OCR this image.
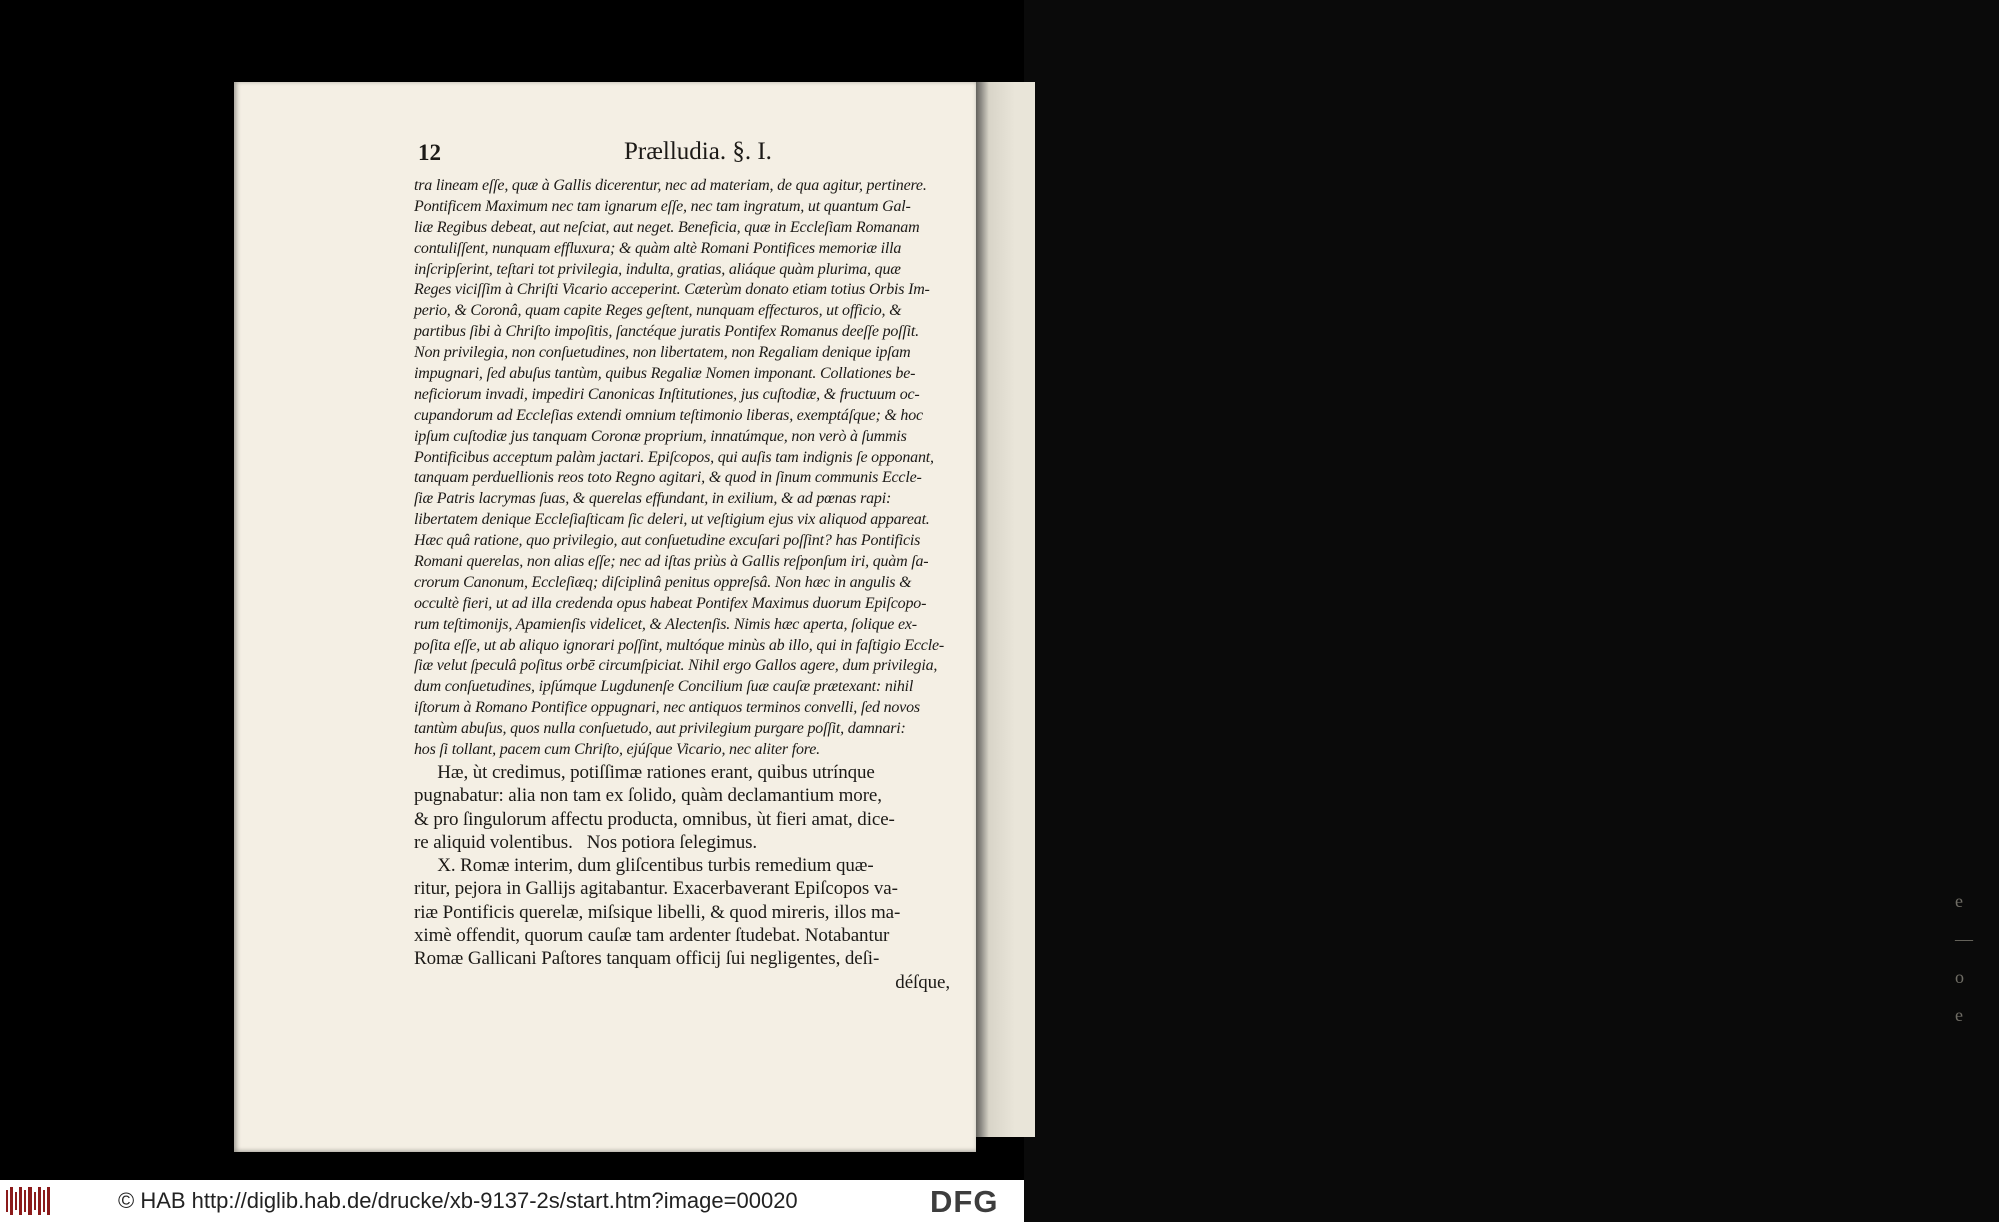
e
—
o
e
12	Prælludia. §. I.
tra lineam eſſe, quæ à Gallis dicerentur, nec ad materiam, de qua agitur, pertinere.
Pontificem Maximum nec tam ignarum eſſe, nec tam ingratum, ut quantum Gal-
liæ Regibus debeat, aut neſciat, aut neget. Beneficia, quæ in Eccleſiam Romanam
contuliſſent, nunquam effluxura; & quàm altè Romani Pontifices memoriæ illa
inſcripſerint, teſtari tot privilegia, indulta, gratias, aliáque quàm plurima, quæ
Reges viciſſim à Chriſti Vicario acceperint. Cæterùm donato etiam totius Orbis Im-
perio, & Coronâ, quam capite Reges geſtent, nunquam effecturos, ut officio, &
partibus ſibi à Chriſto impoſitis, ſanctéque juratis Pontifex Romanus deeſſe poſſit.
Non privilegia, non conſuetudines, non libertatem, non Regaliam denique ipſam
impugnari, ſed abuſus tantùm, quibus Regaliæ Nomen imponant. Collationes be-
neficiorum invadi, impediri Canonicas Inſtitutiones, jus cuſtodiæ, & fructuum oc-
cupandorum ad Eccleſias extendi omnium teſtimonio liberas, exemptáſque; & hoc
ipſum cuſtodiæ jus tanquam Coronæ proprium, innatúmque, non verò à ſummis
Pontificibus acceptum palàm jactari. Epiſcopos, qui auſis tam indignis ſe opponant,
tanquam perduellionis reos toto Regno agitari, & quod in ſinum communis Eccle-
ſiæ Patris lacrymas ſuas, & querelas effundant, in exilium, & ad pœnas rapi:
libertatem denique Eccleſiaſticam ſic deleri, ut veſtigium ejus vix aliquod appareat.
Hæc quâ ratione, quo privilegio, aut conſuetudine excuſari poſſint? has Pontificis
Romani querelas, non alias eſſe; nec ad iſtas priùs à Gallis reſponſum iri, quàm ſa-
crorum Canonum, Eccleſiæq; diſciplinâ penitus oppreſsâ. Non hæc in angulis &
occultè fieri, ut ad illa credenda opus habeat Pontifex Maximus duorum Epiſcopo-
rum teſtimonijs, Apamienſis videlicet, & Alectenſis. Nimis hæc aperta, ſolique ex-
poſita eſſe, ut ab aliquo ignorari poſſint, multóque minùs ab illo, qui in faſtigio Eccle-
ſiæ velut ſpeculâ poſitus orbē circumſpiciat. Nihil ergo Gallos agere, dum privilegia,
dum conſuetudines, ipſúmque Lugdunenſe Concilium ſuæ cauſæ prætexant: nihil
iſtorum à Romano Pontifice oppugnari, nec antiquos terminos convelli, ſed novos
tantùm abuſus, quos nulla conſuetudo, aut privilegium purgare poſſit, damnari:
hos ſi tollant, pacem cum Chriſto, ejúſque Vicario, nec aliter fore.
Hæ, ùt credimus, potiſſimæ rationes erant, quibus utrínque
pugnabatur: alia non tam ex ſolido, quàm declamantium more,
& pro ſingulorum affectu producta, omnibus, ùt fieri amat, dice-
re aliquid volentibus.   Nos potiora ſelegimus.
X. Romæ interim, dum gliſcentibus turbis remedium quæ-
ritur, pejora in Gallijs agitabantur. Exacerbaverant Epiſcopos va-
riæ Pontificis querelæ, miſsique libelli, & quod mireris, illos ma-
ximè offendit, quorum cauſæ tam ardenter ſtudebat. Notabantur
Romæ Gallicani Paſtores tanquam officij ſui negligentes, deſi-
déſque,
© HAB http://diglib.hab.de/drucke/xb-9137-2s/start.htm?image=00020	DFG
